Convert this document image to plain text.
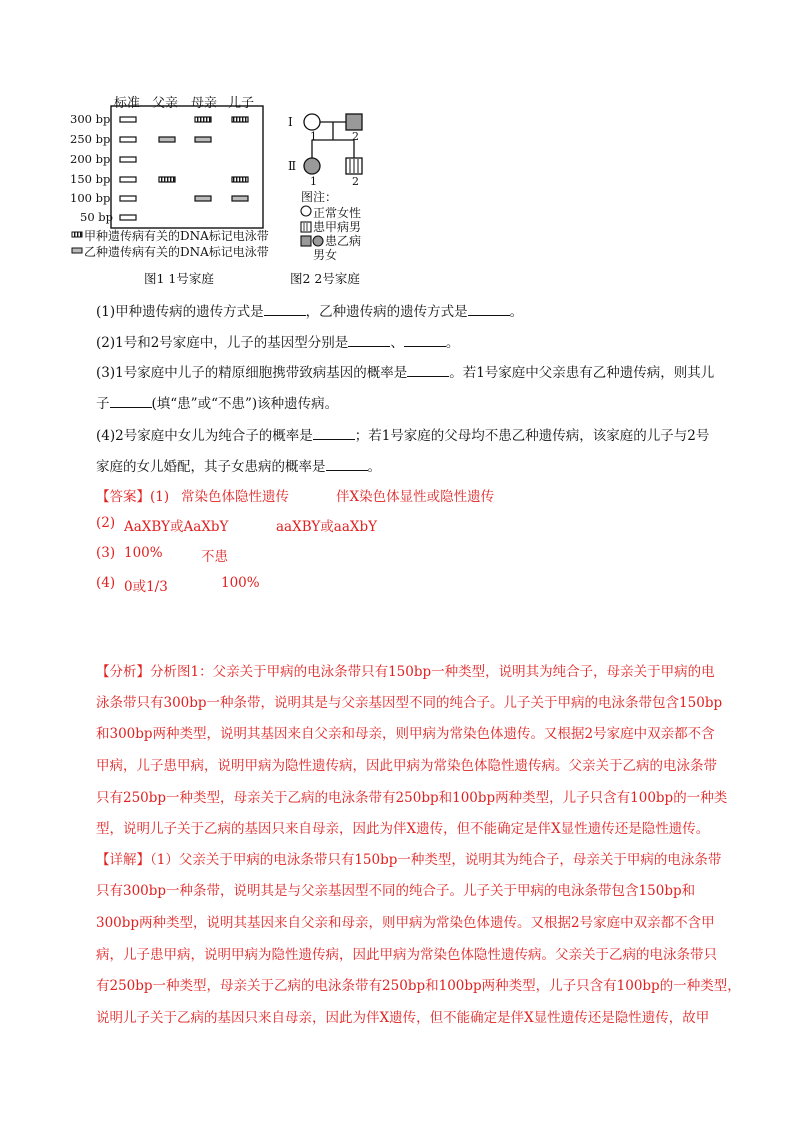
标准 父亲 母亲 儿子
300 bp
250 bp
200 bp
150 bp
100 bp
50 bp
甲种遗传病有关的DNA标记电泳带
乙种遗传病有关的DNA标记电泳带
图1 1号家庭
Ⅰ
Ⅱ
1	2
1	2
图注：
正常女性
患甲病男
患乙病
男女
图2 2号家庭
(1)甲种遗传病的遗传方式是	，乙种遗传病的遗传方式是	。
(2)1号和2号家庭中，儿子的基因型分别是	、	。
(3)1号家庭中儿子的精原细胞携带致病基因的概率是	。若1号家庭中父亲患有乙种遗传病，则其儿
子	(填“患”或“不患”)该种遗传病。
(4)2号家庭中女儿为纯合子的概率是	；若1号家庭的父母均不患乙种遗传病，该家庭的儿子与2号
家庭的女儿婚配，其子女患病的概率是	。
【答案】(1) 常染色体隐性遗传	伴X染色体显性或隐性遗传
(2) AaXBY或AaXbY	aaXBY或aaXbY
(3) 100%	不患
(4) 0或1/3	100%
【分析】分析图1：父亲关于甲病的电泳条带只有150bp一种类型，说明其为纯合子，母亲关于甲病的电
泳条带只有300bp一种条带，说明其是与父亲基因型不同的纯合子。儿子关于甲病的电泳条带包含150bp
和300bp两种类型，说明其基因来自父亲和母亲，则甲病为常染色体遗传。又根据2号家庭中双亲都不含
甲病，儿子患甲病，说明甲病为隐性遗传病，因此甲病为常染色体隐性遗传病。父亲关于乙病的电泳条带
只有250bp一种类型，母亲关于乙病的电泳条带有250bp和100bp两种类型，儿子只含有100bp的一种类
型，说明儿子关于乙病的基因只来自母亲，因此为伴X遗传，但不能确定是伴X显性遗传还是隐性遗传。
【详解】（1）父亲关于甲病的电泳条带只有150bp一种类型，说明其为纯合子，母亲关于甲病的电泳条带
只有300bp一种条带，说明其是与父亲基因型不同的纯合子。儿子关于甲病的电泳条带包含150bp和
300bp两种类型，说明其基因来自父亲和母亲，则甲病为常染色体遗传。又根据2号家庭中双亲都不含甲
病，儿子患甲病，说明甲病为隐性遗传病，因此甲病为常染色体隐性遗传病。父亲关于乙病的电泳条带只
有250bp一种类型，母亲关于乙病的电泳条带有250bp和100bp两种类型，儿子只含有100bp的一种类型，
说明儿子关于乙病的基因只来自母亲，因此为伴X遗传，但不能确定是伴X显性遗传还是隐性遗传，故甲
